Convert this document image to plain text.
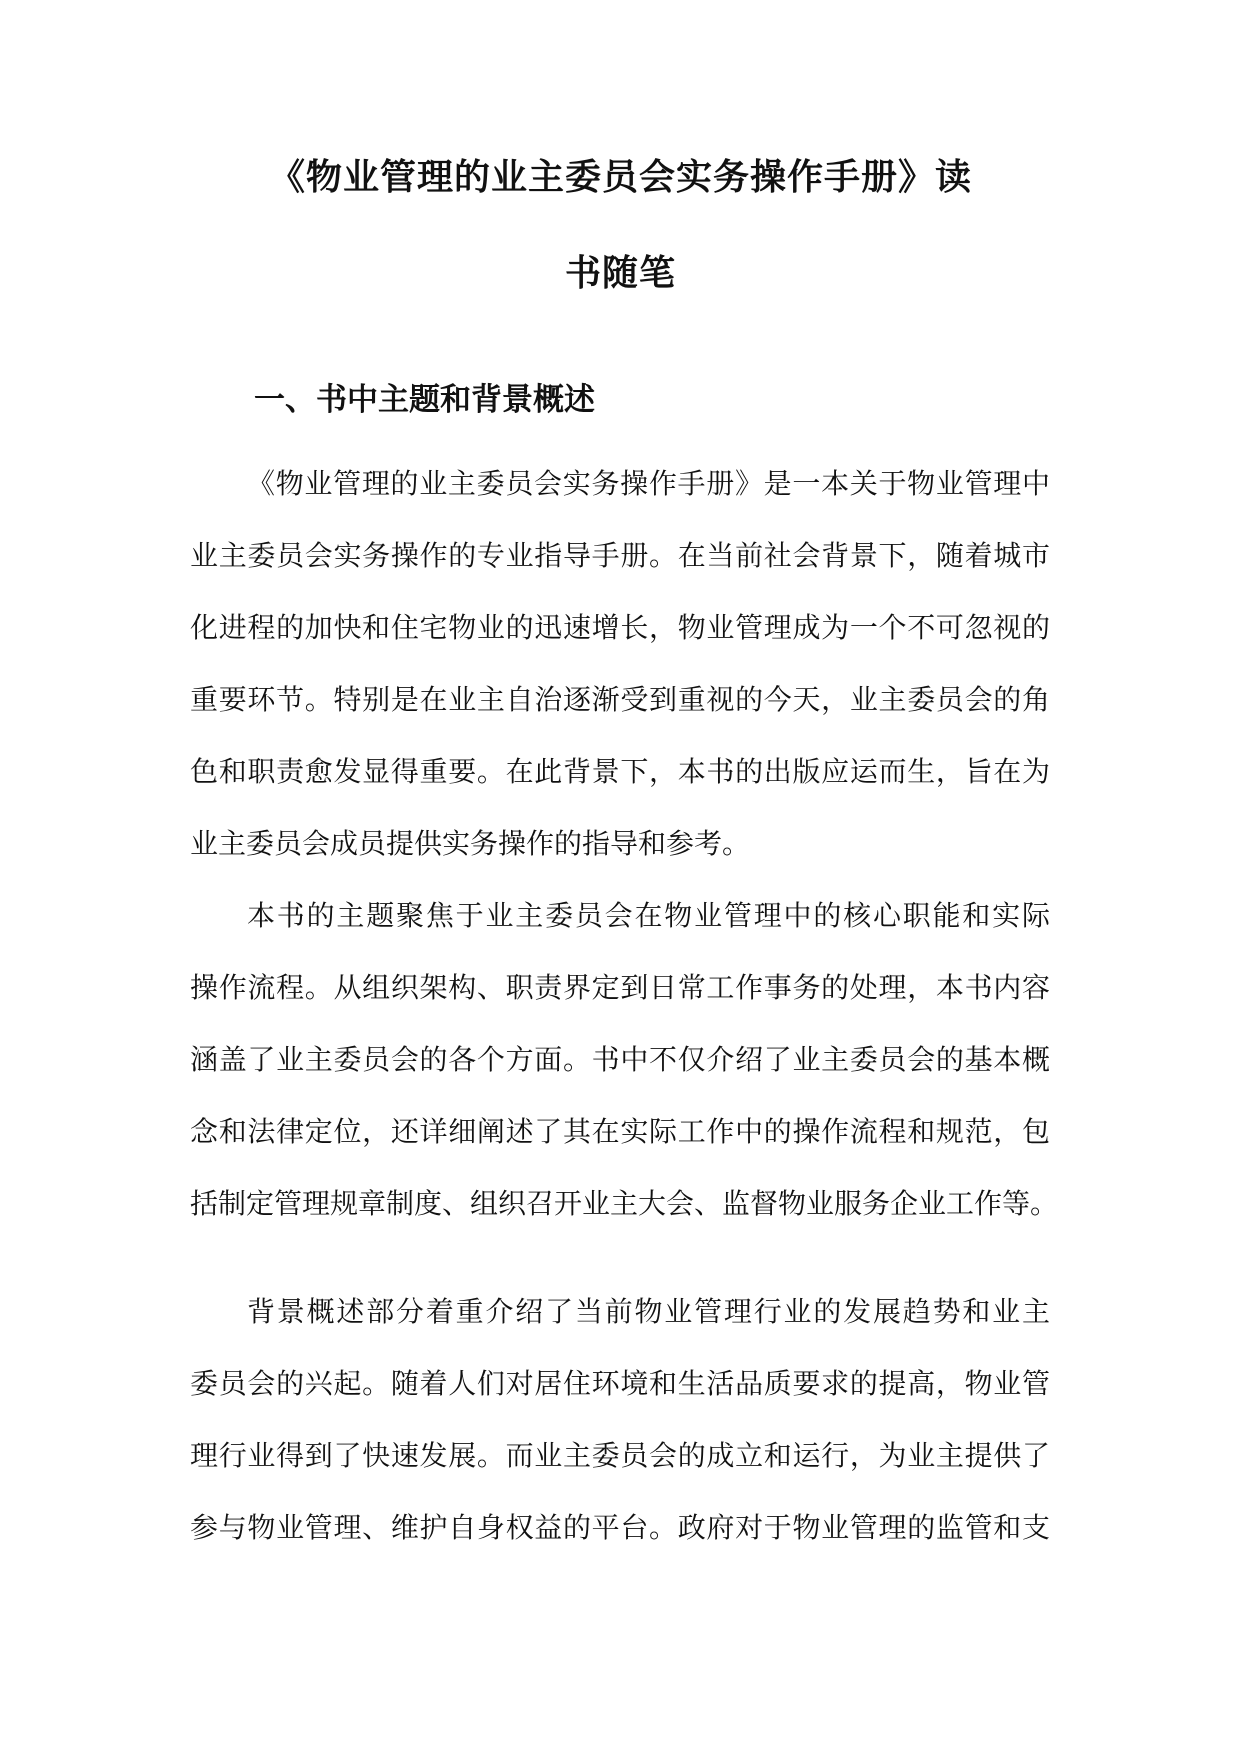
《物业管理的业主委员会实务操作手册》读
书随笔
一、书中主题和背景概述
《物业管理的业主委员会实务操作手册》是一本关于物业管理中
业主委员会实务操作的专业指导手册。在当前社会背景下，随着城市
化进程的加快和住宅物业的迅速增长，物业管理成为一个不可忽视的
重要环节。特别是在业主自治逐渐受到重视的今天，业主委员会的角
色和职责愈发显得重要。在此背景下，本书的出版应运而生，旨在为
业主委员会成员提供实务操作的指导和参考。
本书的主题聚焦于业主委员会在物业管理中的核心职能和实际
操作流程。从组织架构、职责界定到日常工作事务的处理，本书内容
涵盖了业主委员会的各个方面。书中不仅介绍了业主委员会的基本概
念和法律定位，还详细阐述了其在实际工作中的操作流程和规范，包
括制定管理规章制度、组织召开业主大会、监督物业服务企业工作等。
背景概述部分着重介绍了当前物业管理行业的发展趋势和业主
委员会的兴起。随着人们对居住环境和生活品质要求的提高，物业管
理行业得到了快速发展。而业主委员会的成立和运行，为业主提供了
参与物业管理、维护自身权益的平台。政府对于物业管理的监管和支
